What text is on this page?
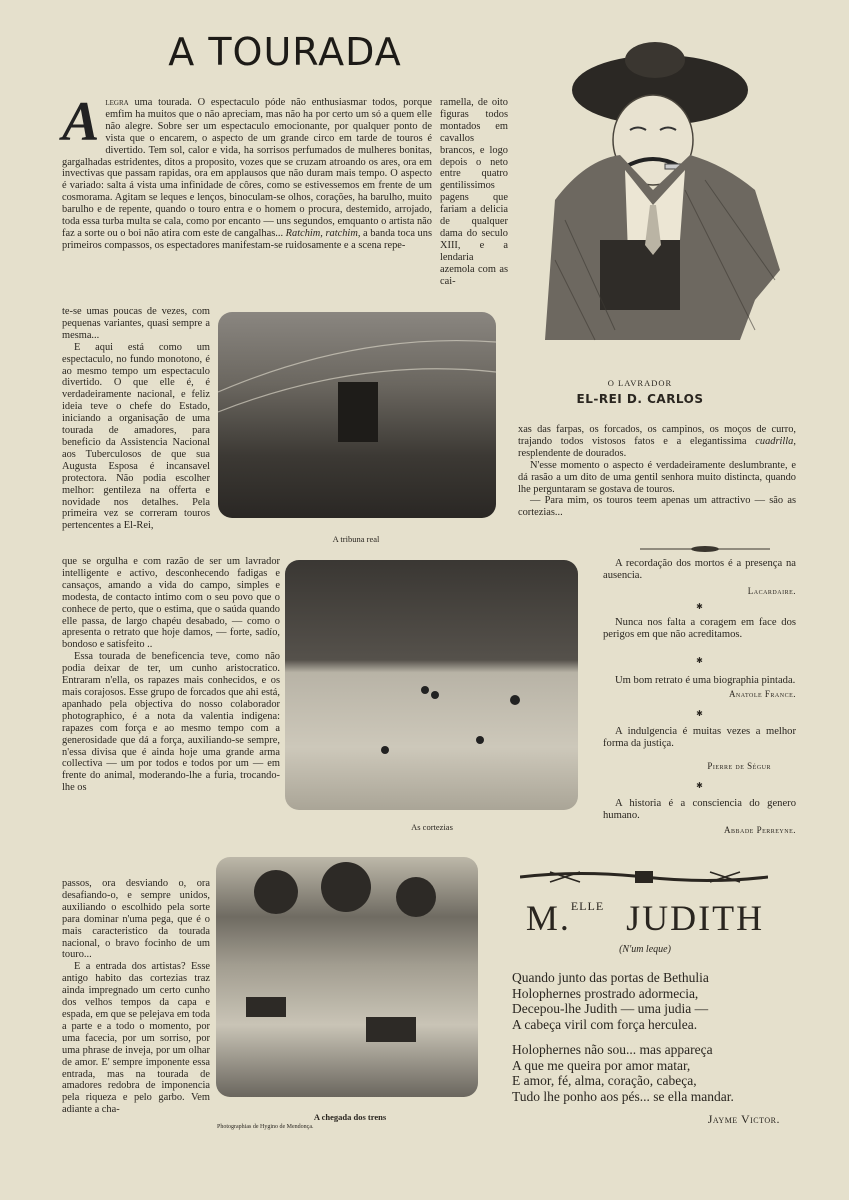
A TOURADA
A legra uma tourada. O espectaculo póde não enthusiasmar todos, porque emfim ha muitos que o não apreciam, mas não ha por certo um só a quem elle não alegre. Sobre ser um espectaculo emocionante, por qualquer ponto de vista que o encarem, o aspecto de um grande circo em tarde de touros é divertido. Tem sol, calor e vida, ha sorrisos perfumados de mulheres bonitas, gargalhadas estridentes, ditos a proposito, vozes que se cruzam atroando os ares, ora em invectivas que passam rapidas, ora em applausos que não duram mais tempo. O aspecto é variado: salta á vista uma infinidade de côres, como se estivessemos em frente de um cosmorama. Agitam se leques e lenços, binoculam-se olhos, corações, ha barulho, muito barulho e de repente, quando o touro entra e o homem o procura, destemido, arrojado, toda essa turba multa se cala, como por encanto — uns segundos, emquanto o artista não faz a sorte ou o boi não atira com este de cangalhas... Ratchim, ratchim, a banda toca uns primeiros compassos, os espectadores manifestam-se ruidosamente e a scena repe-
ramella, de oito figuras todos montados em cavallos brancos, e logo depois o neto entre quatro gentilissimos pagens que fariam a delicia de qualquer dama do seculo XIII, e a lendaria azemola com as cai-

te-se umas poucas de vezes, com pequenas variantes, quasi sempre a mesma...

E aqui está como um espectaculo, no fundo monotono, é ao mesmo tempo um espectaculo divertido. O que elle é, é verdadeiramente nacional, e feliz ideia teve o chefe do Estado, iniciando a organisação de uma tourada de amadores, para beneficio da Assistencia Nacional aos Tuberculosos de que sua Augusta Esposa é incansavel protectora. Não podia escolher melhor: gentileza na offerta e novidade nos detalhes. Pela primeira vez se correram touros pertencentes a El-Rei,

que se orgulha e com razão de ser um lavrador intelligente e activo, desconhecendo fadigas e cansaços, amando a vida do campo, simples e modesta, de contacto intimo com o seu povo que o conhece de perto, que o estima, que o saúda quando elle passa, de largo chapéu desabado, — como o apresenta o retrato que hoje damos, — forte, sadío, bondoso e satisfeito ..

Essa tourada de beneficencia teve, como não podia deixar de ter, um cunho aristocratico. Entraram n'ella, os rapazes mais conhecidos, e os mais corajosos. Esse grupo de forcados que ahi está, apanhado pela objectiva do nosso colaborador photographico, é a nota da valentia indigena: rapazes com força e ao mesmo tempo com a generosidade que dá a força, auxiliando-se sempre, n'essa divisa que é ainda hoje uma grande arma collectiva — um por todos e todos por um — em frente do animal, moderando-lhe a furia, trocando-lhe os

passos, ora desviando o, ora desafiando-o, e sempre unidos, auxiliando o escolhido pela sorte para dominar n'uma pega, que é o mais caracteristico da tourada nacional, o bravo focinho de um touro...

E a entrada dos artistas? Esse antigo habito das cortezias traz ainda impregnado um certo cunho dos velhos tempos da capa e espada, em que se pelejava em toda a parte e a todo o momento, por uma facecia, por um sorriso, por uma phrase de inveja, por um olhar de amor. E' sempre imponente essa entrada, mas na tourada de amadores redobra de imponencia pela riqueza e pelo garbo. Vem adiante a cha-

O LAVRADOR
EL-REI D. CARLOS

xas das farpas, os forcados, os campinos, os moços de curro, trajando todos vistosos fatos e a elegantissima cuadrilla, resplendente de dourados.

N'esse momento o aspecto é verdadeiramente deslumbrante, e dá rasão a um dito de uma gentil senhora muito distincta, quando lhe perguntaram se gostava de touros.

— Para mim, os touros teem apenas um attractivo — são as cortezias...

A tribuna real
As cortezias
A chegada dos trens
Photographias de Hygino de Mendonça.
A recordação dos mortos é a presença na ausencia.
Lacardaire.
✱
Nunca nos falta a coragem em face dos perigos em que não acreditamos.
✱
Um bom retrato é uma biographia pintada.
Anatole France.
✱
A indulgencia é muitas vezes a melhor forma da justiça.
Pierre de Ségur
✱
A historia é a consciencia do genero humano.
Abbade Perreyne.
M.$^{ELLE}$ JUDITH
(N'um leque)
Quando junto das portas de Bethulia
Holophernes prostrado adormecia,
Decepou-lhe Judith — uma judia —
A cabeça viril com força herculea.
Holophernes não sou... mas appareça
A que me queira por amor matar,
E amor, fé, alma, coração, cabeça,
Tudo lhe ponho aos pés... se ella mandar.
Jayme Victor.
